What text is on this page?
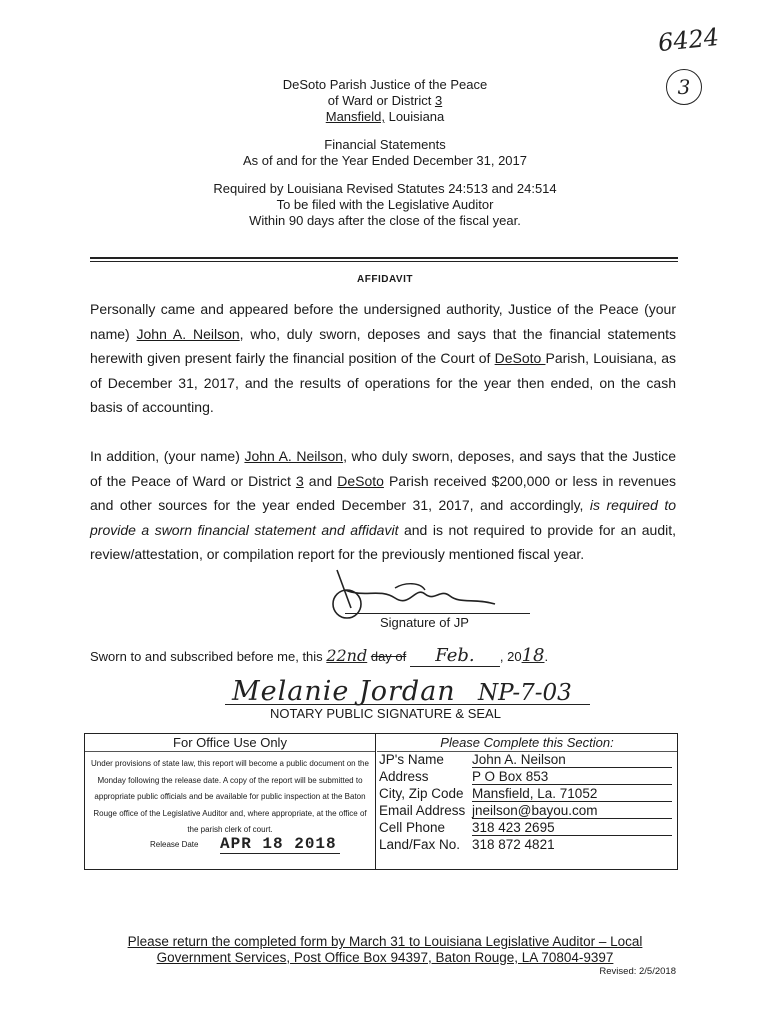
6424
3
DeSoto Parish Justice of the Peace
of Ward or District 3
Mansfield, Louisiana
Financial Statements
As of and for the Year Ended December 31, 2017
Required by Louisiana Revised Statutes 24:513 and 24:514
To be filed with the Legislative Auditor
Within 90 days after the close of the fiscal year.
AFFIDAVIT
Personally came and appeared before the undersigned authority, Justice of the Peace (your name) John A. Neilson, who, duly sworn, deposes and says that the financial statements herewith given present fairly the financial position of the Court of DeSoto Parish, Louisiana, as of December 31, 2017, and the results of operations for the year then ended, on the cash basis of accounting.
In addition, (your name) John A. Neilson, who duly sworn, deposes, and says that the Justice of the Peace of Ward or District 3 and DeSoto Parish received $200,000 or less in revenues and other sources for the year ended December 31, 2017, and accordingly, is required to provide a sworn financial statement and affidavit and is not required to provide for an audit, review/attestation, or compilation report for the previously mentioned fiscal year.
Signature of JP
Sworn to and subscribed before me, this 22nd day of Feb. , 2018.
Melanie Jordan NP-7-03
NOTARY PUBLIC SIGNATURE & SEAL
For Office Use Only
Under provisions of state law, this report will become a public document on the Monday following the release date. A copy of the report will be submitted to appropriate public officials and be available for public inspection at the Baton Rouge office of the Legislative Auditor and, where appropriate, at the office of the parish clerk of court.
Release Date APR 18 2018
Please Complete this Section:
JP's Name John A. Neilson
Address	P O Box 853
City, Zip Code Mansfield, La. 71052
Email Address jneilson@bayou.com
Cell Phone 318 423 2695
Land/Fax No. 318 872 4821
Please return the completed form by March 31 to Louisiana Legislative Auditor – Local
Government Services, Post Office Box 94397, Baton Rouge, LA 70804-9397
Revised: 2/5/2018
